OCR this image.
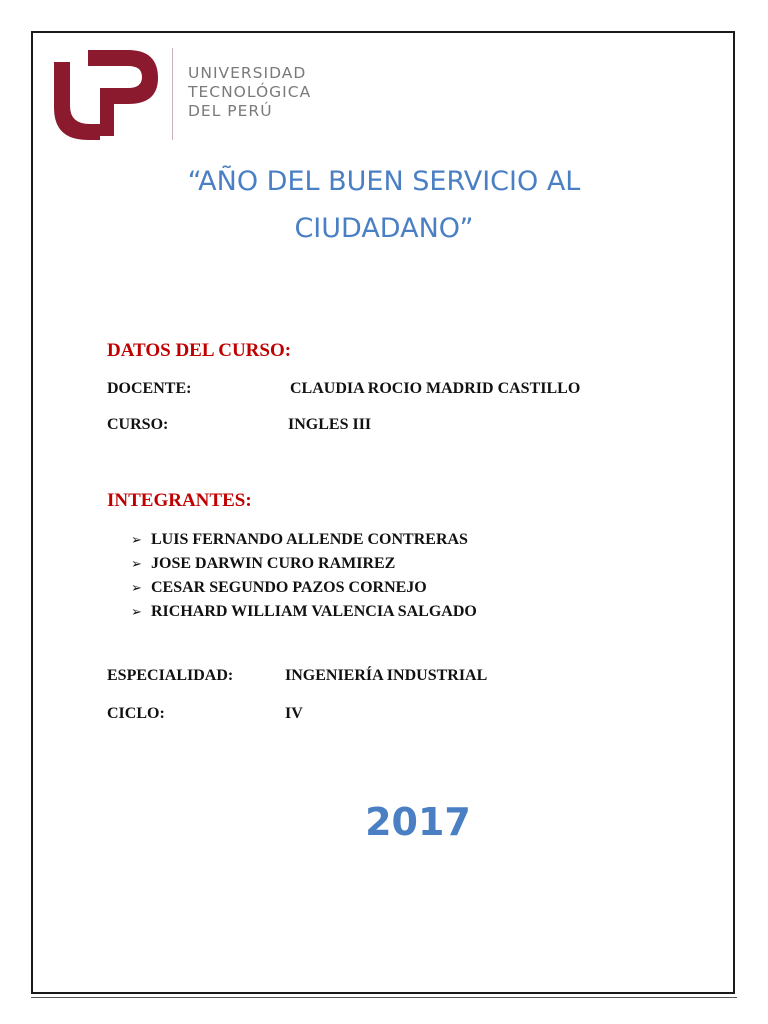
UNIVERSIDAD
TECNOLÓGICA
DEL PERÚ
“AÑO DEL BUEN SERVICIO AL
CIUDADANO”
DATOS DEL CURSO:
DOCENTE:	CLAUDIA ROCIO MADRID CASTILLO
CURSO:	INGLES III
INTEGRANTES:
➢ LUIS FERNANDO ALLENDE CONTRERAS
➢ JOSE DARWIN CURO RAMIREZ
➢ CESAR SEGUNDO PAZOS CORNEJO
➢ RICHARD WILLIAM VALENCIA SALGADO
ESPECIALIDAD:	INGENIERÍA INDUSTRIAL
CICLO:	IV
2017
